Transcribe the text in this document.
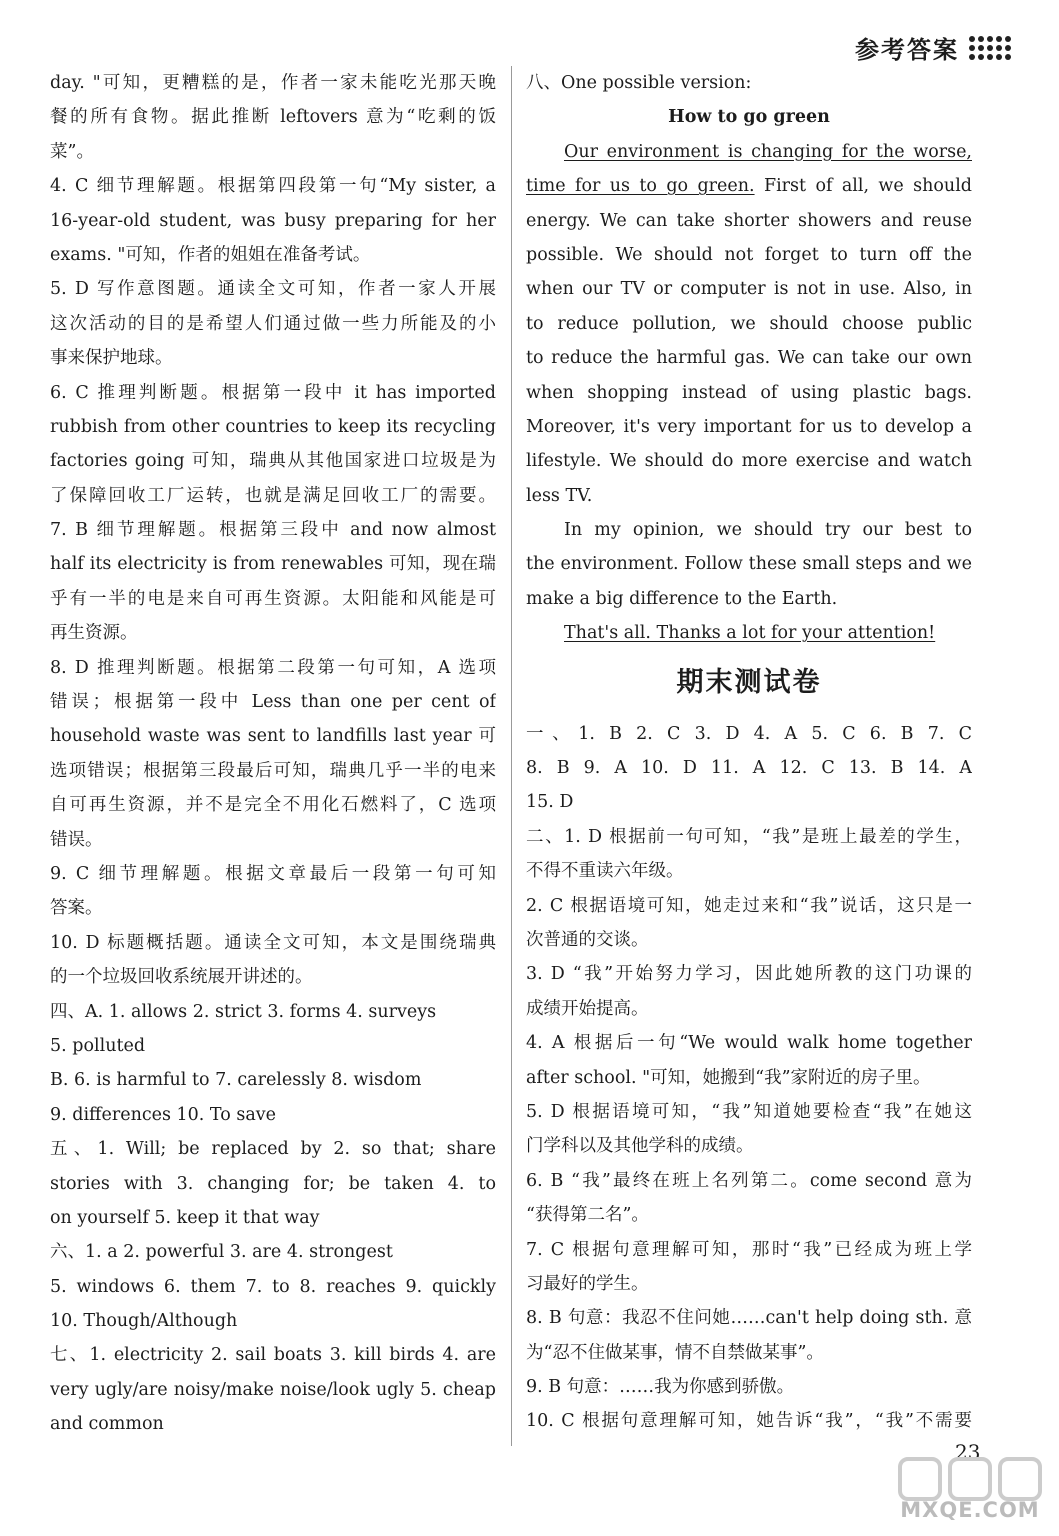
参考答案
day. "可知，更糟糕的是，作者一家未能吃光那天晚
餐的所有食物。据此推断 leftovers 意为“吃剩的饭
菜”。
4. C 细节理解题。根据第四段第一句“My sister, a
16-year-old student, was busy preparing for her
exams. "可知，作者的姐姐在准备考试。
5. D 写作意图题。通读全文可知，作者一家人开展
这次活动的目的是希望人们通过做一些力所能及的小
事来保护地球。
6. C 推理判断题。根据第一段中 it has imported
rubbish from other countries to keep its recycling
factories going 可知，瑞典从其他国家进口垃圾是为
了保障回收工厂运转，也就是满足回收工厂的需要。
7. B 细节理解题。根据第三段中 and now almost
half its electricity is from renewables 可知，现在瑞
乎有一半的电是来自可再生资源。太阳能和风能是可
再生资源。
8. D 推理判断题。根据第二段第一句可知，A 选项
错误；根据第一段中 Less than one per cent of
household waste was sent to landfills last year 可
选项错误；根据第三段最后可知，瑞典几乎一半的电来
自可再生资源，并不是完全不用化石燃料了，C 选项
错误。
9. C 细节理解题。根据文章最后一段第一句可知
答案。
10. D 标题概括题。通读全文可知，本文是围绕瑞典
的一个垃圾回收系统展开讲述的。
四、A. 1. allows 2. strict 3. forms 4. surveys
5. polluted
B. 6. is harmful to 7. carelessly 8. wisdom
9. differences 10. To save
五、1. Will; be replaced by 2. so that; share
stories with 3. changing for; be taken 4. to
on yourself 5. keep it that way
六、1. a 2. powerful 3. are 4. strongest
5. windows 6. them 7. to 8. reaches 9. quickly
10. Though/Although
七、1. electricity 2. sail boats 3. kill birds 4. are
very ugly/are noisy/make noise/look ugly 5. cheap
and common
八、One possible version:
How to go green
Our environment is changing for the worse,
time for us to go green. First of all, we should
energy. We can take shorter showers and reuse
possible. We should not forget to turn off the
when our TV or computer is not in use. Also, in
to reduce pollution, we should choose public
to reduce the harmful gas. We can take our own
when shopping instead of using plastic bags.
Moreover, it's very important for us to develop a
lifestyle. We should do more exercise and watch
less TV.
In my opinion, we should try our best to
the environment. Follow these small steps and we
make a big difference to the Earth.
That's all. Thanks a lot for your attention!
期末测试卷
一、1. B 2. C 3. D 4. A 5. C 6. B 7. C
8. B 9. A 10. D 11. A 12. C 13. B 14. A
15. D
二、1. D 根据前一句可知，“我”是班上最差的学生，
不得不重读六年级。
2. C 根据语境可知，她走过来和“我”说话，这只是一
次普通的交谈。
3. D “我”开始努力学习，因此她所教的这门功课的
成绩开始提高。
4. A 根据后一句“We would walk home together
after school. "可知，她搬到“我”家附近的房子里。
5. D 根据语境可知，“我”知道她要检查“我”在她这
门学科以及其他学科的成绩。
6. B “我”最终在班上名列第二。come second 意为
“获得第二名”。
7. C 根据句意理解可知，那时“我”已经成为班上学
习最好的学生。
8. B 句意：我忍不住问她……can't help doing sth. 意
为“忍不住做某事，情不自禁做某事”。
9. B 句意：……我为你感到骄傲。
10. C 根据句意理解可知，她告诉“我”，“我”不需要
23
MXQE.COM
